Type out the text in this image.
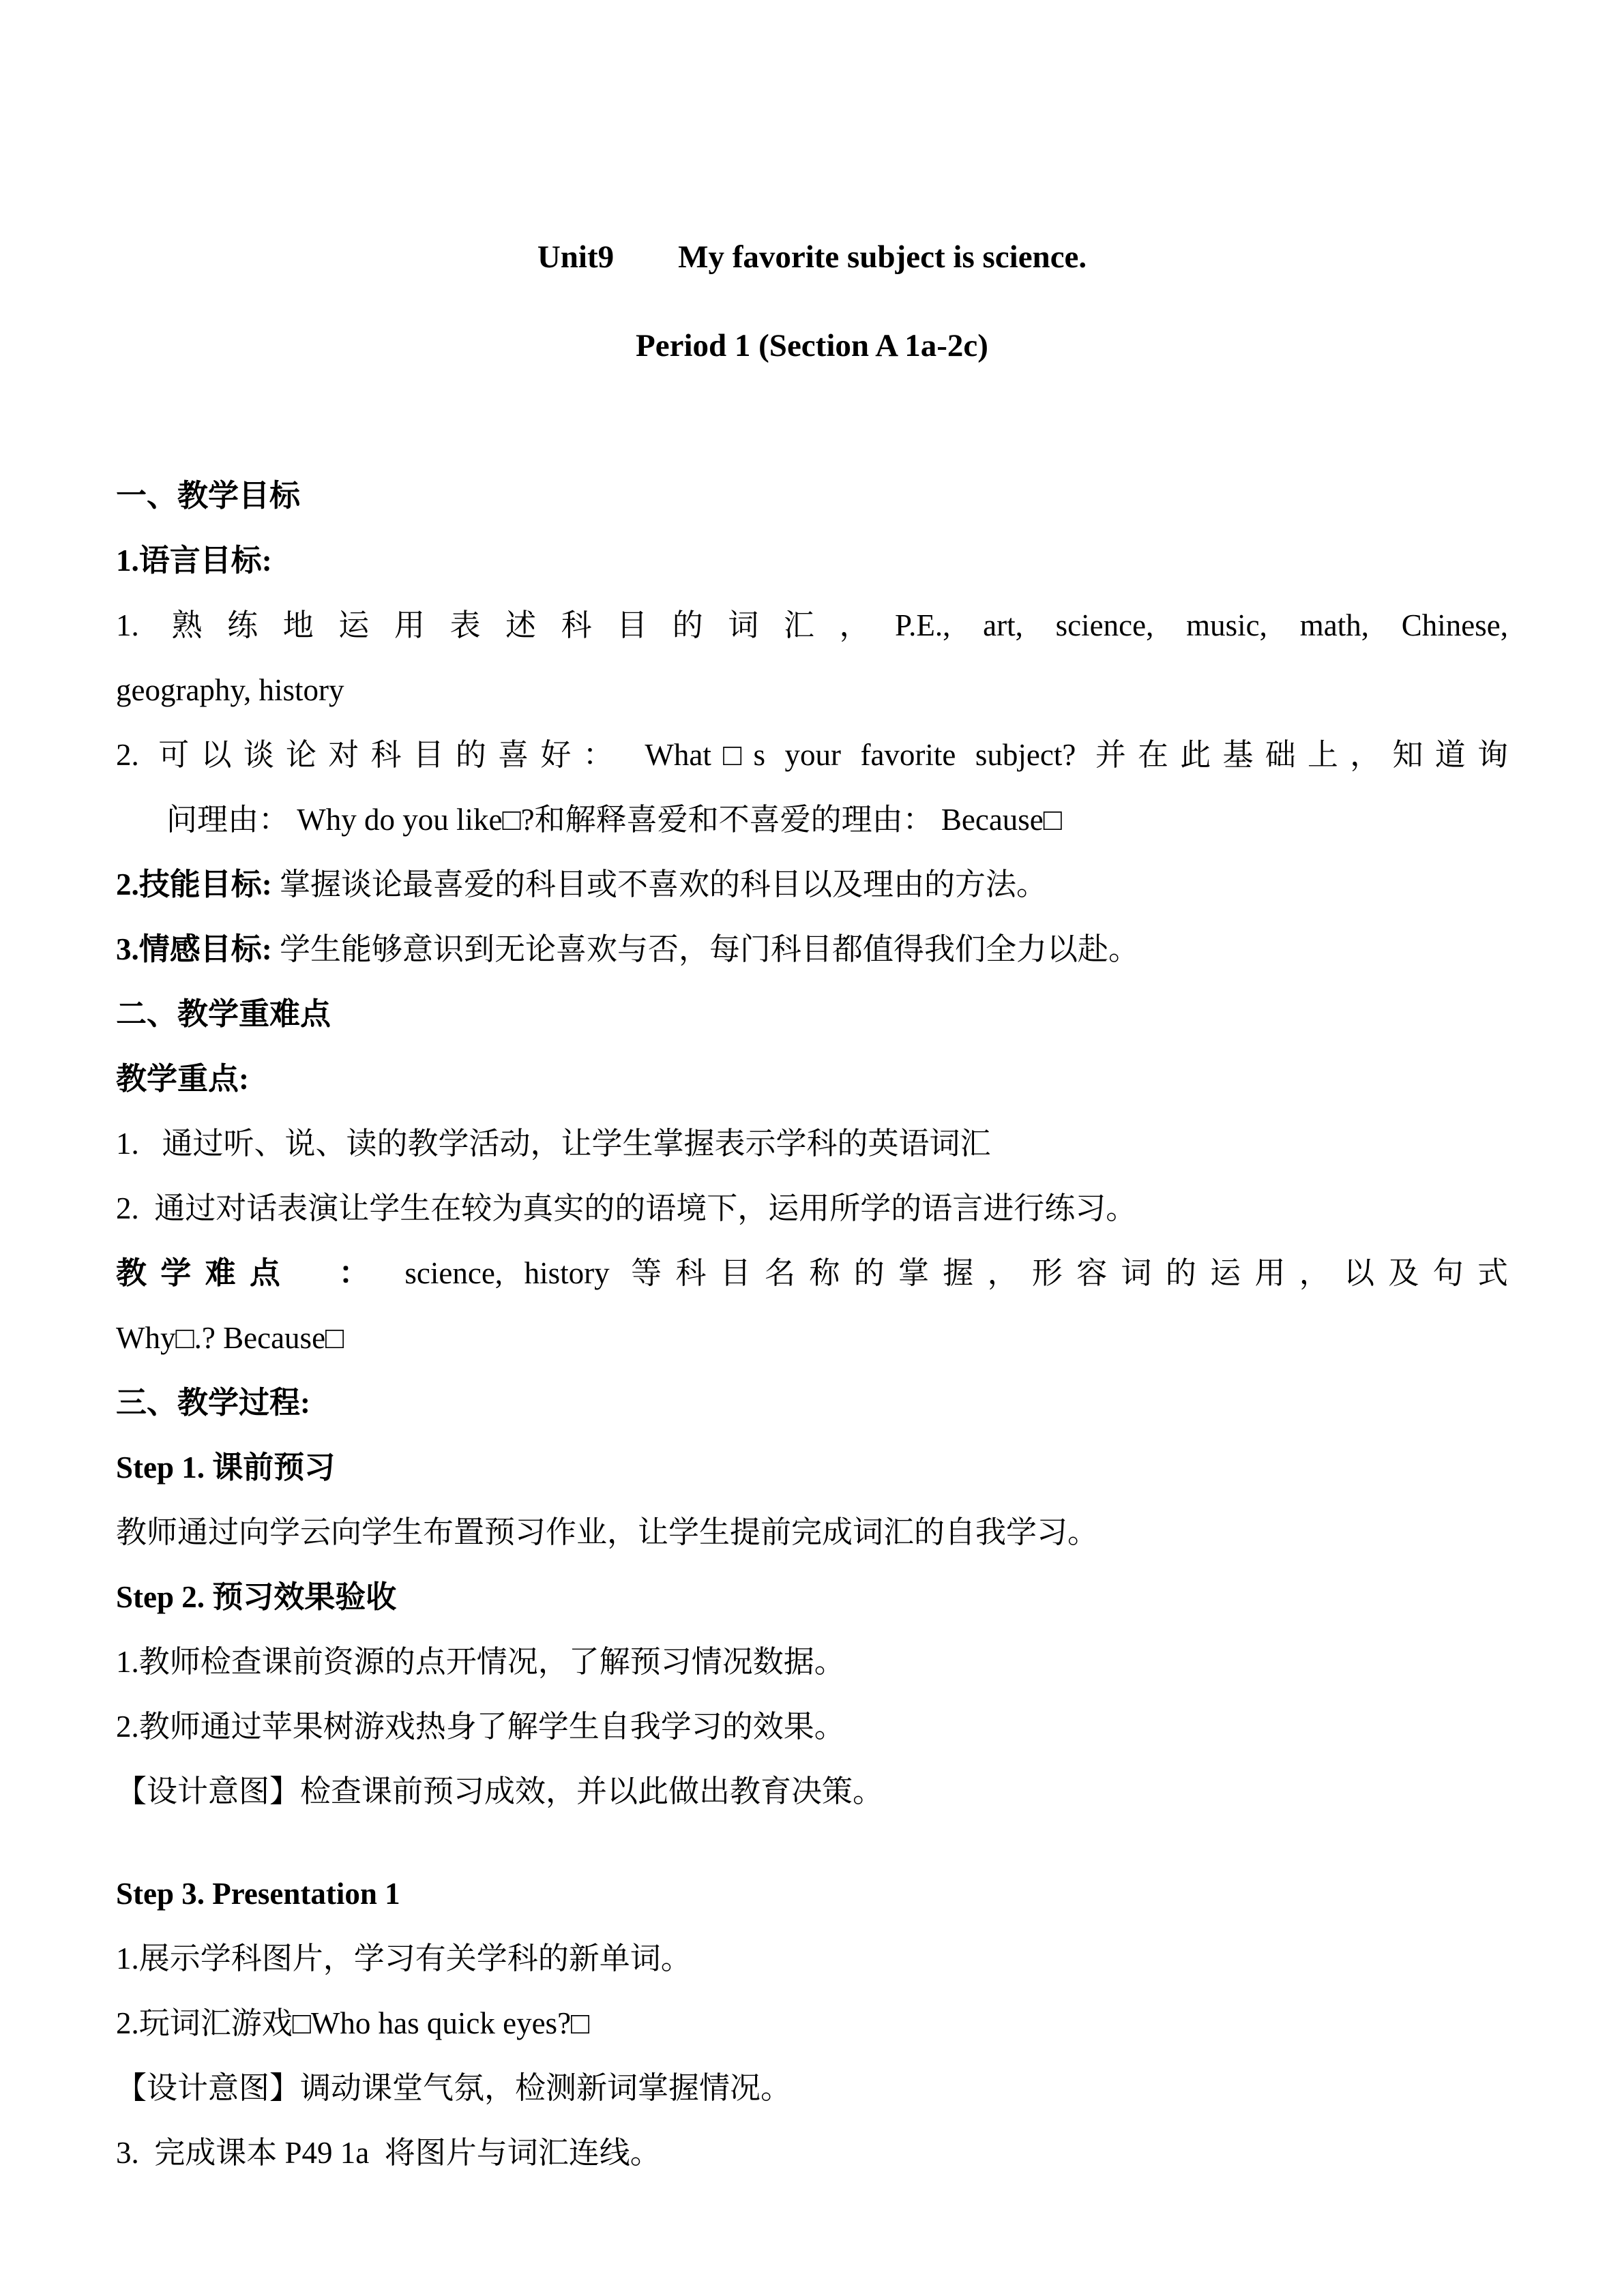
Unit9　　My favorite subject is science.
Period 1 (Section A 1a-2c)
一、教学目标
1.语言目标:
1. 熟练地运用表述科目的词汇，P.E., art, science, music, math, Chinese,
geography, history
2. 可以谈论对科目的喜好： What□s your favorite subject? 并在此基础上，知道询
问理由： Why do you like□?和解释喜爱和不喜爱的理由： Because□
2.技能目标: 掌握谈论最喜爱的科目或不喜欢的科目以及理由的方法。
3.情感目标: 学生能够意识到无论喜欢与否，每门科目都值得我们全力以赴。
二、教学重难点
教学重点:
1.   通过听、说、读的教学活动，让学生掌握表示学科的英语词汇
2.  通过对话表演让学生在较为真实的的语境下，运用所学的语言进行练习。
教学难点　： science, history 等科目名称的掌握，形容词的运用，以及句式
Why□.? Because□
三、教学过程:
Step 1. 课前预习
教师通过向学云向学生布置预习作业，让学生提前完成词汇的自我学习。
Step 2. 预习效果验收
1.教师检查课前资源的点开情况，了解预习情况数据。
2.教师通过苹果树游戏热身了解学生自我学习的效果。
【设计意图】检查课前预习成效，并以此做出教育决策。
Step 3. Presentation 1
1.展示学科图片，学习有关学科的新单词。
2.玩词汇游戏□Who has quick eyes?□
【设计意图】调动课堂气氛，检测新词掌握情况。
3.  完成课本 P49 1a  将图片与词汇连线。
